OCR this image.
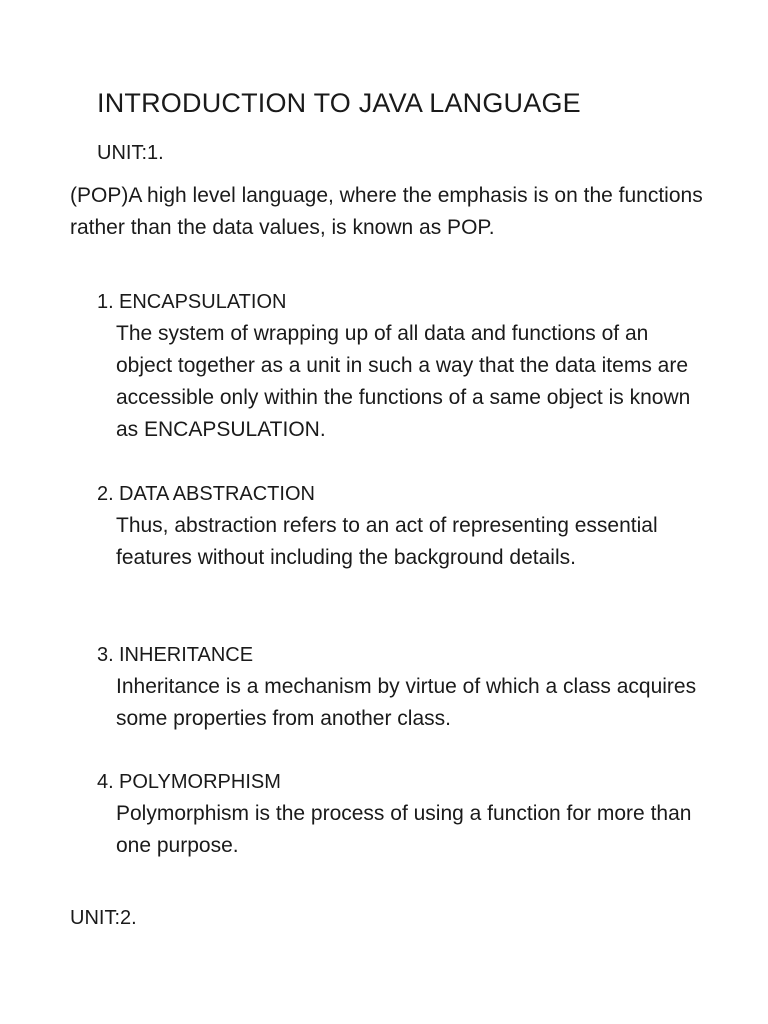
INTRODUCTION TO JAVA LANGUAGE
UNIT:1.

(POP)A high level language, where the emphasis is on the functions rather than the data values, is known as POP.

1. ENCAPSULATION

The system of wrapping up of all data and functions of an object together as a unit in such a way that the data items are accessible only within the functions of a same object is known as ENCAPSULATION.

2. DATA ABSTRACTION

Thus, abstraction refers to an act of representing essential features without including the background details.

3. INHERITANCE

Inheritance is a mechanism by virtue of which a class acquires some properties from another class.

4. POLYMORPHISM

Polymorphism is the process of using a function for more than one purpose.

UNIT:2.
